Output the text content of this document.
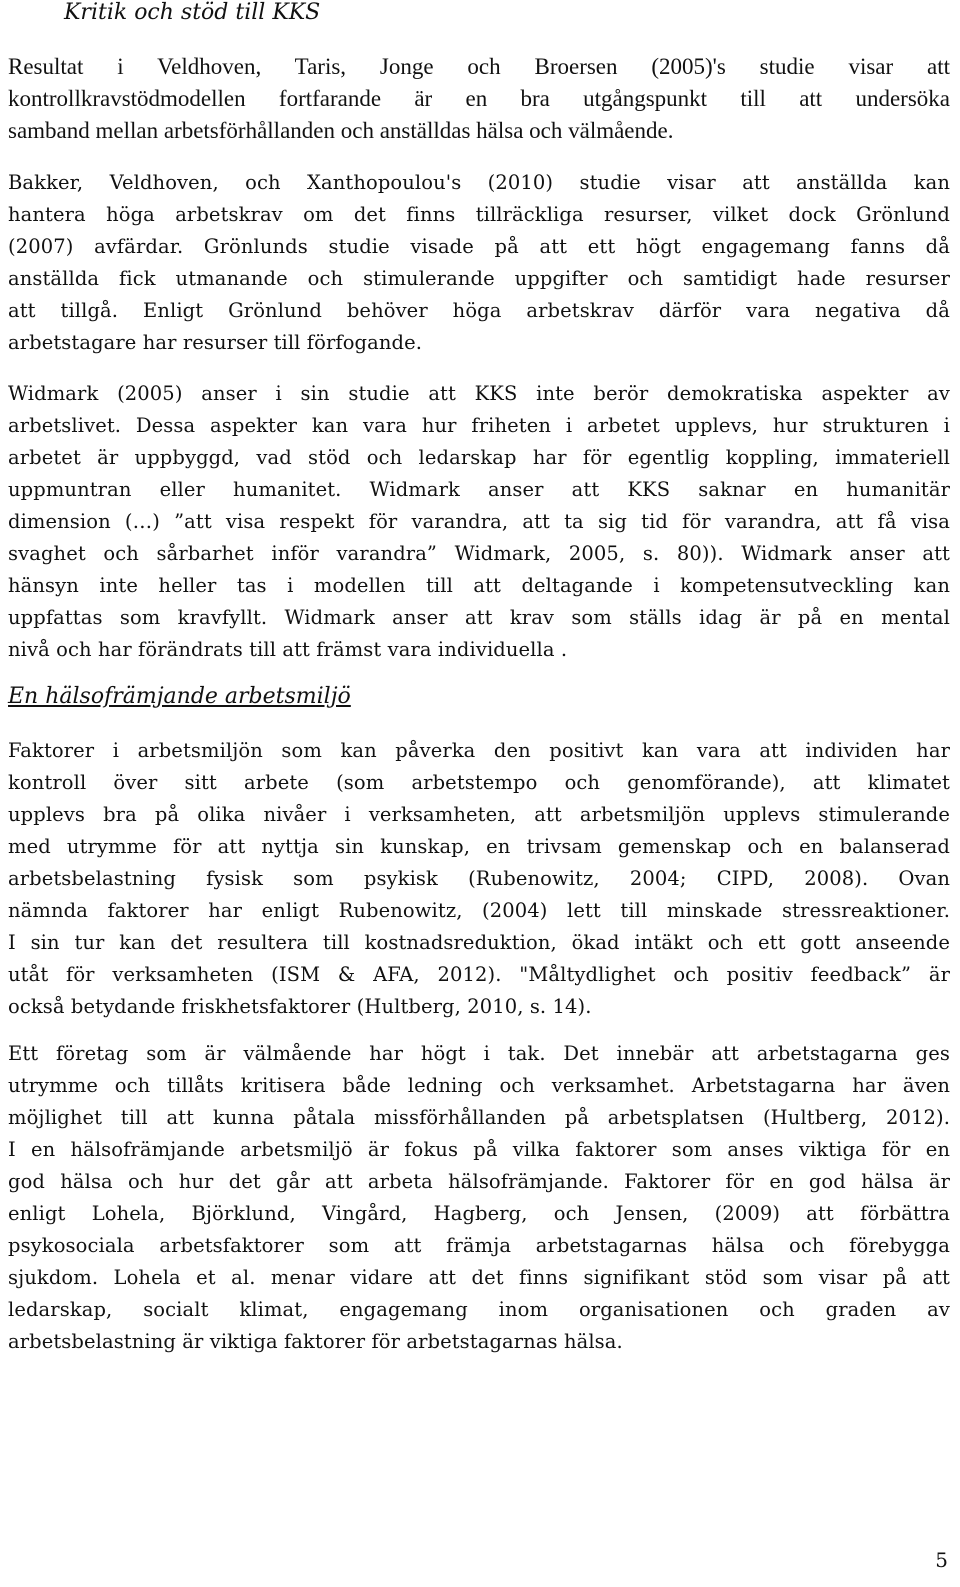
Kritik och stöd till KKS

Resultat i Veldhoven, Taris, Jonge och Broersen (2005)'s studie visar att
kontrollkravstödmodellen fortfarande är en bra utgångspunkt till att undersöka
samband mellan arbetsförhållanden och anställdas hälsa och välmående.

Bakker, Veldhoven, och Xanthopoulou's (2010) studie visar att anställda kan
hantera höga arbetskrav om det finns tillräckliga resurser, vilket dock Grönlund
(2007) avfärdar. Grönlunds studie visade på att ett högt engagemang fanns då
anställda fick utmanande och stimulerande uppgifter och samtidigt hade resurser
att tillgå. Enligt Grönlund behöver höga arbetskrav därför vara negativa då
arbetstagare har resurser till förfogande.

Widmark (2005) anser i sin studie att KKS inte berör demokratiska aspekter av
arbetslivet. Dessa aspekter kan vara hur friheten i arbetet upplevs, hur strukturen i
arbetet är uppbyggd, vad stöd och ledarskap har för egentlig koppling, immateriell
uppmuntran eller humanitet. Widmark anser att KKS saknar en humanitär
dimension (…) ”att visa respekt för varandra, att ta sig tid för varandra, att få visa
svaghet och sårbarhet inför varandra” Widmark, 2005, s. 80)). Widmark anser att
hänsyn inte heller tas i modellen till att deltagande i kompetensutveckling kan
uppfattas som kravfyllt. Widmark anser att krav som ställs idag är på en mental
nivå och har förändrats till att främst vara individuella .

En hälsofrämjande arbetsmiljö

Faktorer i arbetsmiljön som kan påverka den positivt kan vara att individen har
kontroll över sitt arbete (som arbetstempo och genomförande), att klimatet
upplevs bra på olika nivåer i verksamheten, att arbetsmiljön upplevs stimulerande
med utrymme för att nyttja sin kunskap, en trivsam gemenskap och en balanserad
arbetsbelastning fysisk som psykisk (Rubenowitz, 2004; CIPD, 2008). Ovan
nämnda faktorer har enligt Rubenowitz, (2004) lett till minskade stressreaktioner.
I sin tur kan det resultera till kostnadsreduktion, ökad intäkt och ett gott anseende
utåt för verksamheten (ISM & AFA, 2012). "Måltydlighet och positiv feedback” är
också betydande friskhetsfaktorer (Hultberg, 2010, s. 14).

Ett företag som är välmående har högt i tak. Det innebär att arbetstagarna ges
utrymme och tillåts kritisera både ledning och verksamhet. Arbetstagarna har även
möjlighet till att kunna påtala missförhållanden på arbetsplatsen (Hultberg, 2012).
I en hälsofrämjande arbetsmiljö är fokus på vilka faktorer som anses viktiga för en
god hälsa och hur det går att arbeta hälsofrämjande. Faktorer för en god hälsa är
enligt Lohela, Björklund, Vingård, Hagberg, och Jensen, (2009) att förbättra
psykosociala arbetsfaktorer som att främja arbetstagarnas hälsa och förebygga
sjukdom. Lohela et al. menar vidare att det finns signifikant stöd som visar på att
ledarskap, socialt klimat, engagemang inom organisationen och graden av
arbetsbelastning är viktiga faktorer för arbetstagarnas hälsa.

5
